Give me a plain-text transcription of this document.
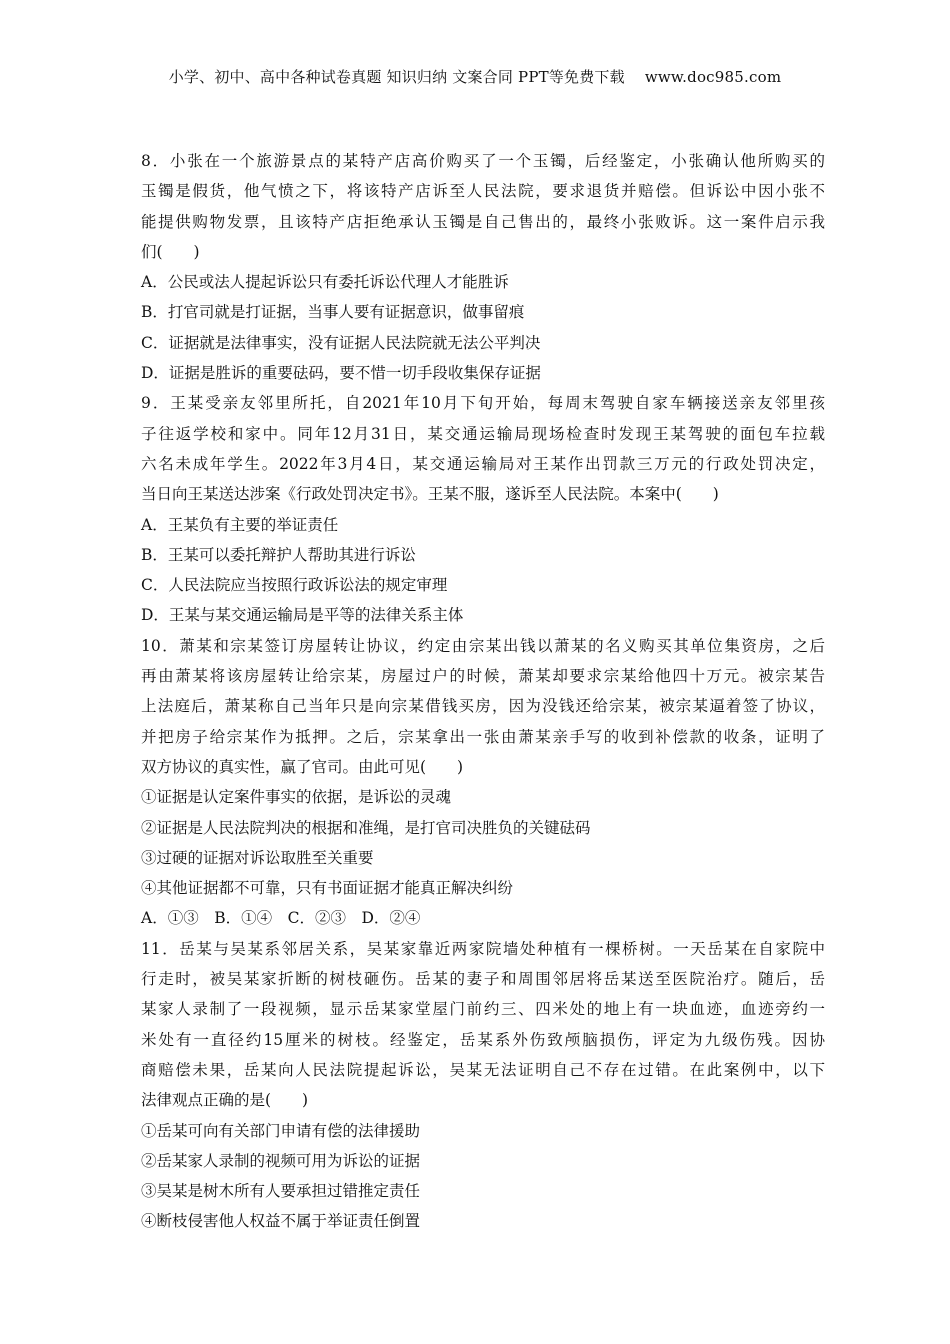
小学、初中、高中各种试卷真题 知识归纳 文案合同 PPT等免费下载 www.doc985.com
8．小张在一个旅游景点的某特产店高价购买了一个玉镯，后经鉴定，小张确认他所购买的
玉镯是假货，他气愤之下，将该特产店诉至人民法院，要求退货并赔偿。但诉讼中因小张不
能提供购物发票，且该特产店拒绝承认玉镯是自己售出的，最终小张败诉。这一案件启示我
们(　　)
A．公民或法人提起诉讼只有委托诉讼代理人才能胜诉
B．打官司就是打证据，当事人要有证据意识，做事留痕
C．证据就是法律事实，没有证据人民法院就无法公平判决
D．证据是胜诉的重要砝码，要不惜一切手段收集保存证据
9．王某受亲友邻里所托，自2021年10月下旬开始，每周末驾驶自家车辆接送亲友邻里孩
子往返学校和家中。同年12月31日，某交通运输局现场检查时发现王某驾驶的面包车拉载
六名未成年学生。2022年3月4日，某交通运输局对王某作出罚款三万元的行政处罚决定，
当日向王某送达涉案《行政处罚决定书》。王某不服，遂诉至人民法院。本案中(　　)
A．王某负有主要的举证责任
B．王某可以委托辩护人帮助其进行诉讼
C．人民法院应当按照行政诉讼法的规定审理
D．王某与某交通运输局是平等的法律关系主体
10．萧某和宗某签订房屋转让协议，约定由宗某出钱以萧某的名义购买其单位集资房，之后
再由萧某将该房屋转让给宗某，房屋过户的时候，萧某却要求宗某给他四十万元。被宗某告
上法庭后，萧某称自己当年只是向宗某借钱买房，因为没钱还给宗某，被宗某逼着签了协议，
并把房子给宗某作为抵押。之后，宗某拿出一张由萧某亲手写的收到补偿款的收条，证明了
双方协议的真实性，赢了官司。由此可见(　　)
①证据是认定案件事实的依据，是诉讼的灵魂
②证据是人民法院判决的根据和准绳，是打官司决胜负的关键砝码
③过硬的证据对诉讼取胜至关重要
④其他证据都不可靠，只有书面证据才能真正解决纠纷
A．①③　B．①④　C．②③　D．②④
11．岳某与吴某系邻居关系，吴某家靠近两家院墙处种植有一棵桥树。一天岳某在自家院中
行走时，被吴某家折断的树枝砸伤。岳某的妻子和周围邻居将岳某送至医院治疗。随后，岳
某家人录制了一段视频，显示岳某家堂屋门前约三、四米处的地上有一块血迹，血迹旁约一
米处有一直径约15厘米的树枝。经鉴定，岳某系外伤致颅脑损伤，评定为九级伤残。因协
商赔偿未果，岳某向人民法院提起诉讼，吴某无法证明自己不存在过错。在此案例中，以下
法律观点正确的是(　　)
①岳某可向有关部门申请有偿的法律援助
②岳某家人录制的视频可用为诉讼的证据
③吴某是树木所有人要承担过错推定责任
④断枝侵害他人权益不属于举证责任倒置
